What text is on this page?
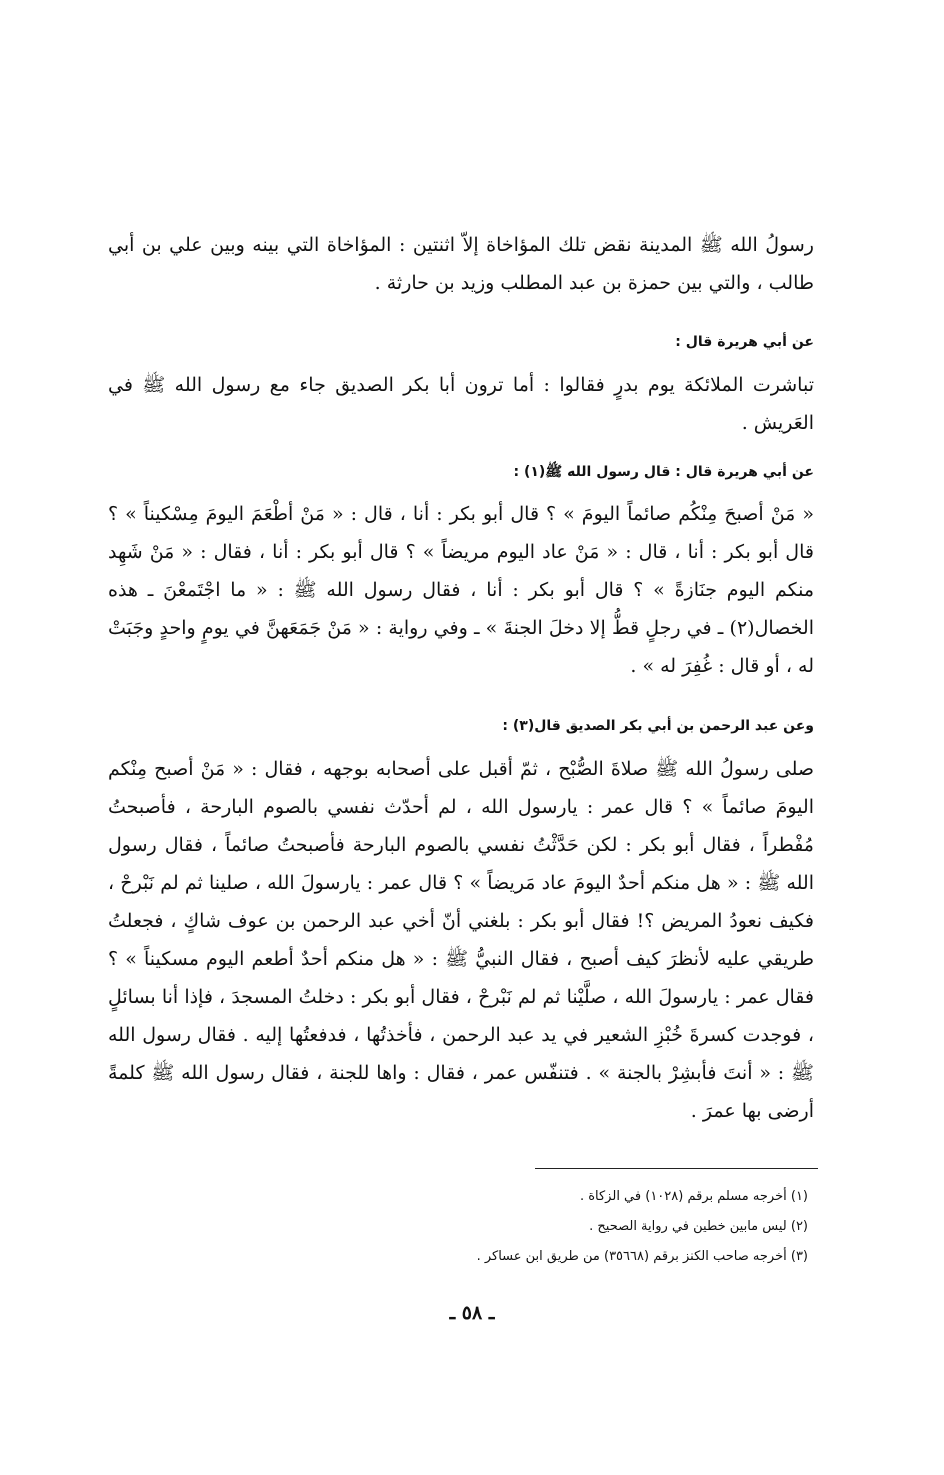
رسولُ الله ﷺ المدينة نقض تلك المؤاخاة إلاّ اثنتين : المؤاخاة التي بينه وبين علي بن أبي طالب ، والتي بين حمزة بن عبد المطلب وزيد بن حارثة .

عن أبي هريرة قال :

تباشرت الملائكة يوم بدرٍ فقالوا : أما ترون أبا بكر الصديق جاء مع رسول الله ﷺ في العَريش .

عن أبي هريرة قال : قال رسول الله ﷺ(١) :

« مَنْ أصبحَ مِنْكُم صائماً اليومَ » ؟ قال أبو بكر : أنا ، قال : « مَنْ أطْعَمَ اليومَ مِسْكيناً » ؟ قال أبو بكر : أنا ، قال : « مَنْ عاد اليوم مريضاً » ؟ قال أبو بكر : أنا ، فقال : « مَنْ شَهِد منكم اليوم جنَازةً » ؟ قال أبو بكر : أنا ، فقال رسول الله ﷺ : « ما اجْتَمعْنَ ـ هذه الخصال(٢) ـ في رجلٍ قطُّ إلا دخلَ الجنةَ » ـ وفي رواية : « مَنْ جَمَعَهنَّ في يومٍ واحدٍ وجَبَتْ له ، أو قال : غُفِرَ له » .

وعن عبد الرحمن بن أبي بكر الصديق قال(٣) :

صلى رسولُ الله ﷺ صلاةَ الصُّبْح ، ثمّ أقبل على أصحابه بوجهه ، فقال : « مَنْ أصبح مِنْكم اليومَ صائماً » ؟ قال عمر : يارسول الله ، لم أحدّث نفسي بالصوم البارحة ، فأصبحتُ مُفْطراً ، فقال أبو بكر : لكن حَدَّثْتُ نفسي بالصوم البارحة فأصبحتُ صائماً ، فقال رسول الله ﷺ : « هل منكم أحدٌ اليومَ عاد مَريضاً » ؟ قال عمر : يارسولَ الله ، صلينا ثم لم نَبْرحْ ، فكيف نعودُ المريض ؟! فقال أبو بكر : بلغني أنّ أخي عبد الرحمن بن عوف شاكٍ ، فجعلتُ طريقي عليه لأنظرَ كيف أصبح ، فقال النبيُّ ﷺ : « هل منكم أحدٌ أطعم اليوم مسكيناً » ؟ فقال عمر : يارسولَ الله ، صلَّيْنا ثم لم نَبْرحْ ، فقال أبو بكر : دخلتُ المسجدَ ، فإذا أنا بسائلٍ ، فوجدت كسرةَ خُبْزِ الشعير في يد عبد الرحمن ، فأخذتُها ، فدفعتُها إليه . فقال رسول الله ﷺ : « أنتَ فأبشِرْ بالجنة » . فتنفّس عمر ، فقال : واها للجنة ، فقال رسول الله ﷺ كلمةً أرضى بها عمرَ .

(١) أخرجه مسلم برقم (١٠٢٨) في الزكاة .
(٢) ليس مابين خطين في رواية الصحيح .
(٣) أخرجه صاحب الكنز برقم (٣٥٦٦٨) من طريق ابن عساكر .
ـ ٥٨ ـ
